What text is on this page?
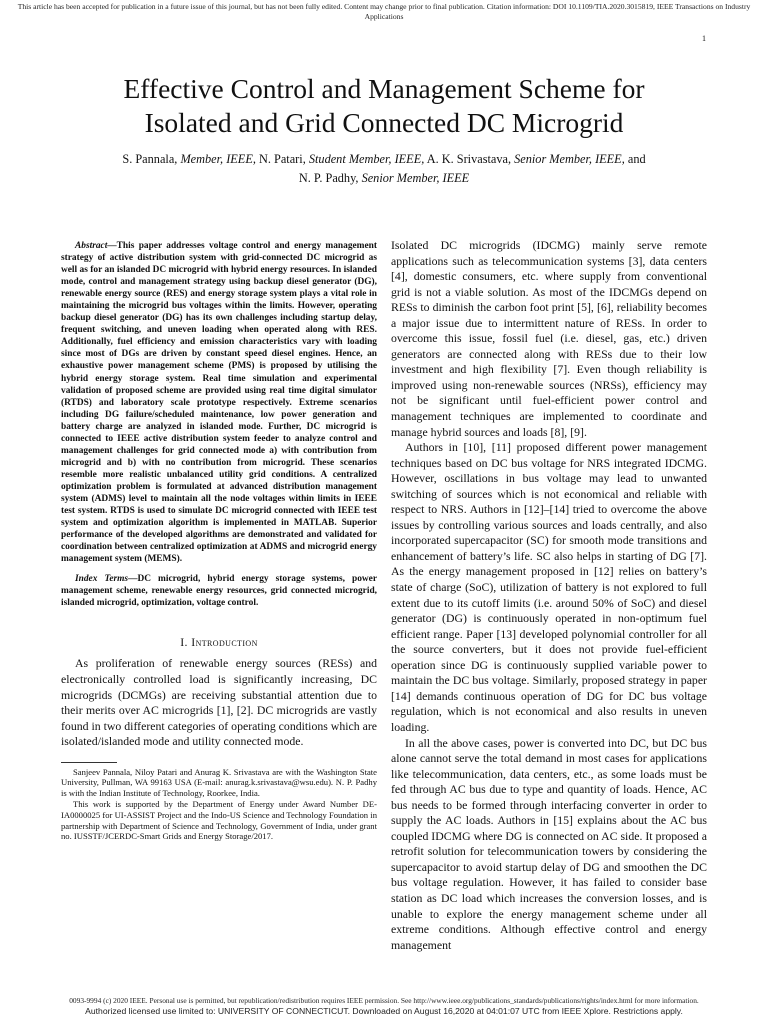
This article has been accepted for publication in a future issue of this journal, but has not been fully edited. Content may change prior to final publication. Citation information: DOI 10.1109/TIA.2020.3015819, IEEE Transactions on Industry Applications
1
Effective Control and Management Scheme for
Isolated and Grid Connected DC Microgrid
S. Pannala, Member, IEEE, N. Patari, Student Member, IEEE, A. K. Srivastava, Senior Member, IEEE, and
N. P. Padhy, Senior Member, IEEE

Abstract—This paper addresses voltage control and energy management strategy of active distribution system with grid-connected DC microgrid as well as for an islanded DC microgrid with hybrid energy resources. In islanded mode, control and management strategy using backup diesel generator (DG), renewable energy source (RES) and energy storage system plays a vital role in maintaining the microgrid bus voltages within the limits. However, operating backup diesel generator (DG) has its own challenges including startup delay, frequent switching, and uneven loading when operated along with RES. Additionally, fuel efficiency and emission characteristics vary with loading since most of DGs are driven by constant speed diesel engines. Hence, an exhaustive power management scheme (PMS) is proposed by utilising the hybrid energy storage system. Real time simulation and experimental validation of proposed scheme are provided using real time digital simulator (RTDS) and laboratory scale prototype respectively. Extreme scenarios including DG failure/scheduled maintenance, low power generation and battery charge are analyzed in islanded mode. Further, DC microgrid is connected to IEEE active distribution system feeder to analyze control and management challenges for grid connected mode a) with contribution from microgrid and b) with no contribution from microgrid. These scenarios resemble more realistic unbalanced utility grid conditions. A centralized optimization problem is formulated at advanced distribution management system (ADMS) level to maintain all the node voltages within limits in IEEE test system. RTDS is used to simulate DC microgrid connected with IEEE test system and optimization algorithm is implemented in MATLAB. Superior performance of the developed algorithms are demonstrated and validated for coordination between centralized optimization at ADMS and microgrid energy management system (MEMS).

Index Terms—DC microgrid, hybrid energy storage systems, power management scheme, renewable energy resources, grid connected microgrid, islanded microgrid, optimization, voltage control.

I. Introduction

As proliferation of renewable energy sources (RESs) and electronically controlled load is significantly increasing, DC microgrids (DCMGs) are receiving substantial attention due to their merits over AC microgrids [1], [2]. DC microgrids are vastly found in two different categories of operating conditions which are isolated/islanded mode and utility connected mode.

Sanjeev Pannala, Niloy Patari and Anurag K. Srivastava are with the Washington State University, Pullman, WA 99163 USA (E-mail: anurag.k.srivastava@wsu.edu). N. P. Padhy is with the Indian Institute of Technology, Roorkee, India.

This work is supported by the Department of Energy under Award Number DE-IA0000025 for UI-ASSIST Project and the Indo-US Science and Technology Foundation in partnership with Department of Science and Technology, Government of India, under grant no. IUSSTF/JCERDC-Smart Grids and Energy Storage/2017.

Isolated DC microgrids (IDCMG) mainly serve remote applications such as telecommunication systems [3], data centers [4], domestic consumers, etc. where supply from conventional grid is not a viable solution. As most of the IDCMGs depend on RESs to diminish the carbon foot print [5], [6], reliability becomes a major issue due to intermittent nature of RESs. In order to overcome this issue, fossil fuel (i.e. diesel, gas, etc.) driven generators are connected along with RESs due to their low investment and high flexibility [7]. Even though reliability is improved using non-renewable sources (NRSs), efficiency may not be significant until fuel-efficient power control and management techniques are implemented to coordinate and manage hybrid sources and loads [8], [9].

Authors in [10], [11] proposed different power management techniques based on DC bus voltage for NRS integrated IDCMG. However, oscillations in bus voltage may lead to unwanted switching of sources which is not economical and reliable with respect to NRS. Authors in [12]–[14] tried to overcome the above issues by controlling various sources and loads centrally, and also incorporated supercapacitor (SC) for smooth mode transitions and enhancement of battery’s life. SC also helps in starting of DG [7]. As the energy management proposed in [12] relies on battery’s state of charge (SoC), utilization of battery is not explored to full extent due to its cutoff limits (i.e. around 50% of SoC) and diesel generator (DG) is continuously operated in non-optimum fuel efficient range. Paper [13] developed polynomial controller for all the source converters, but it does not provide fuel-efficient operation since DG is continuously supplied variable power to maintain the DC bus voltage. Similarly, proposed strategy in paper [14] demands continuous operation of DG for DC bus voltage regulation, which is not economical and also results in uneven loading.

In all the above cases, power is converted into DC, but DC bus alone cannot serve the total demand in most cases for applications like telecommunication, data centers, etc., as some loads must be fed through AC bus due to type and quantity of loads. Hence, AC bus needs to be formed through interfacing converter in order to supply the AC loads. Authors in [15] explains about the AC bus coupled IDCMG where DG is connected on AC side. It proposed a retrofit solution for telecommunication towers by considering the supercapacitor to avoid startup delay of DG and smoothen the DC bus voltage regulation. However, it has failed to consider base station as DC load which increases the conversion losses, and is unable to explore the energy management scheme under all extreme conditions. Although effective control and energy management

0093-9994 (c) 2020 IEEE. Personal use is permitted, but republication/redistribution requires IEEE permission. See http://www.ieee.org/publications_standards/publications/rights/index.html for more information.
Authorized licensed use limited to: UNIVERSITY OF CONNECTICUT. Downloaded on August 16,2020 at 04:01:07 UTC from IEEE Xplore. Restrictions apply.
